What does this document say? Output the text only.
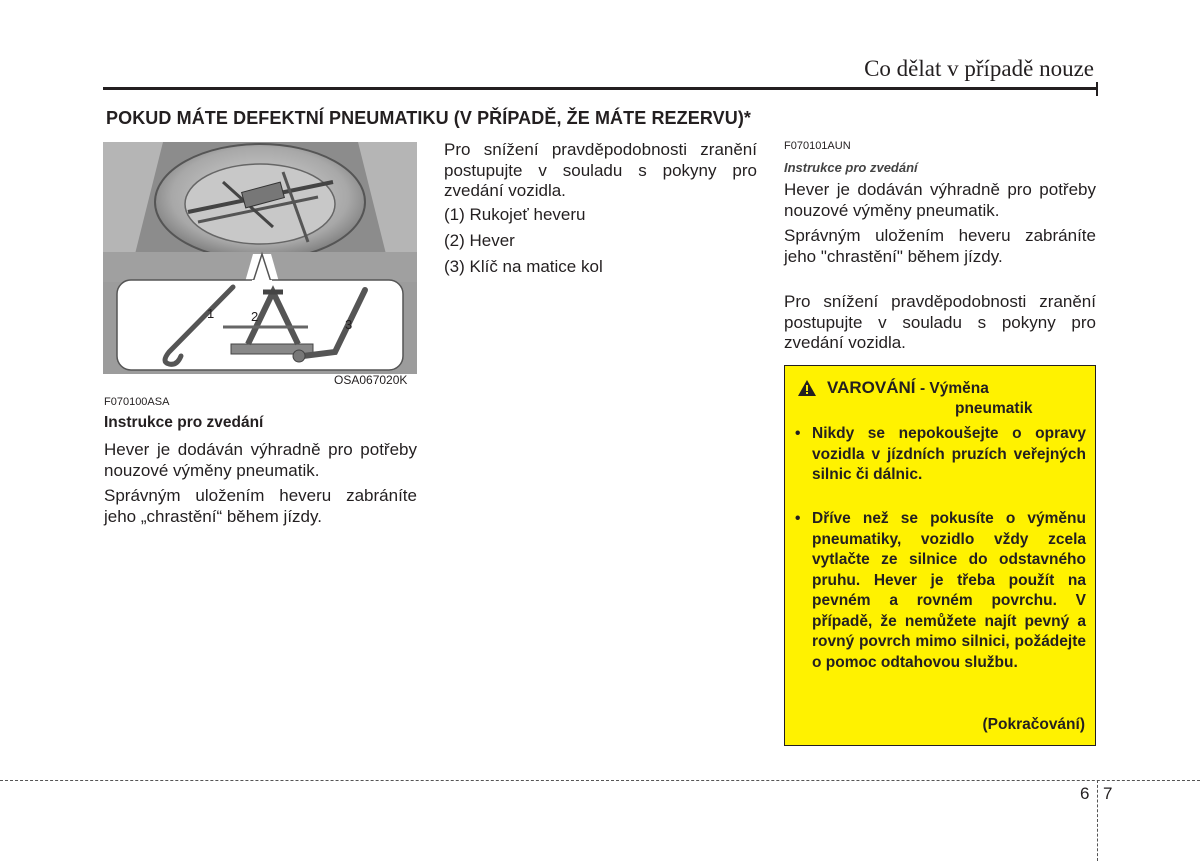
Co dělat v případě nouze
POKUD MÁTE DEFEKTNÍ PNEUMATIKU (V PŘÍPADĚ, ŽE MÁTE REZERVU)*
1	2
3
OSA067020K
F070100ASA
Instrukce pro zvedání
Hever je dodáván výhradně pro potřeby nouzové výměny pneumatik.
Správným uložením heveru zabráníte jeho „chrastění“ během jízdy.
Pro snížení pravděpodobnosti zranění postupujte v souladu s pokyny pro zvedání vozidla.
(1) Rukojeť heveru
(2) Hever
(3) Klíč na matice kol
F070101AUN
Instrukce pro zvedání
Hever je dodáván výhradně pro potřeby nouzové výměny pneumatik.
Správným uložením heveru zabráníte jeho "chrastění" během jízdy.
Pro snížení pravděpodobnosti zranění postupujte v souladu s pokyny pro zvedání vozidla.
VAROVÁNÍ - Výměna
pneumatik
• Nikdy se nepokoušejte o opravy vozidla v jízdních pruzích veřejných silnic či dálnic.
• Dříve než se pokusíte o výměnu pneumatiky, vozidlo vždy zcela vytlačte ze silnice do odstavného pruhu. Hever je třeba použít na pevném a rovném povrchu. V případě, že nemůžete najít pevný a rovný povrch mimo silnici, požádejte o pomoc odtahovou službu.
(Pokračování)
6 7
